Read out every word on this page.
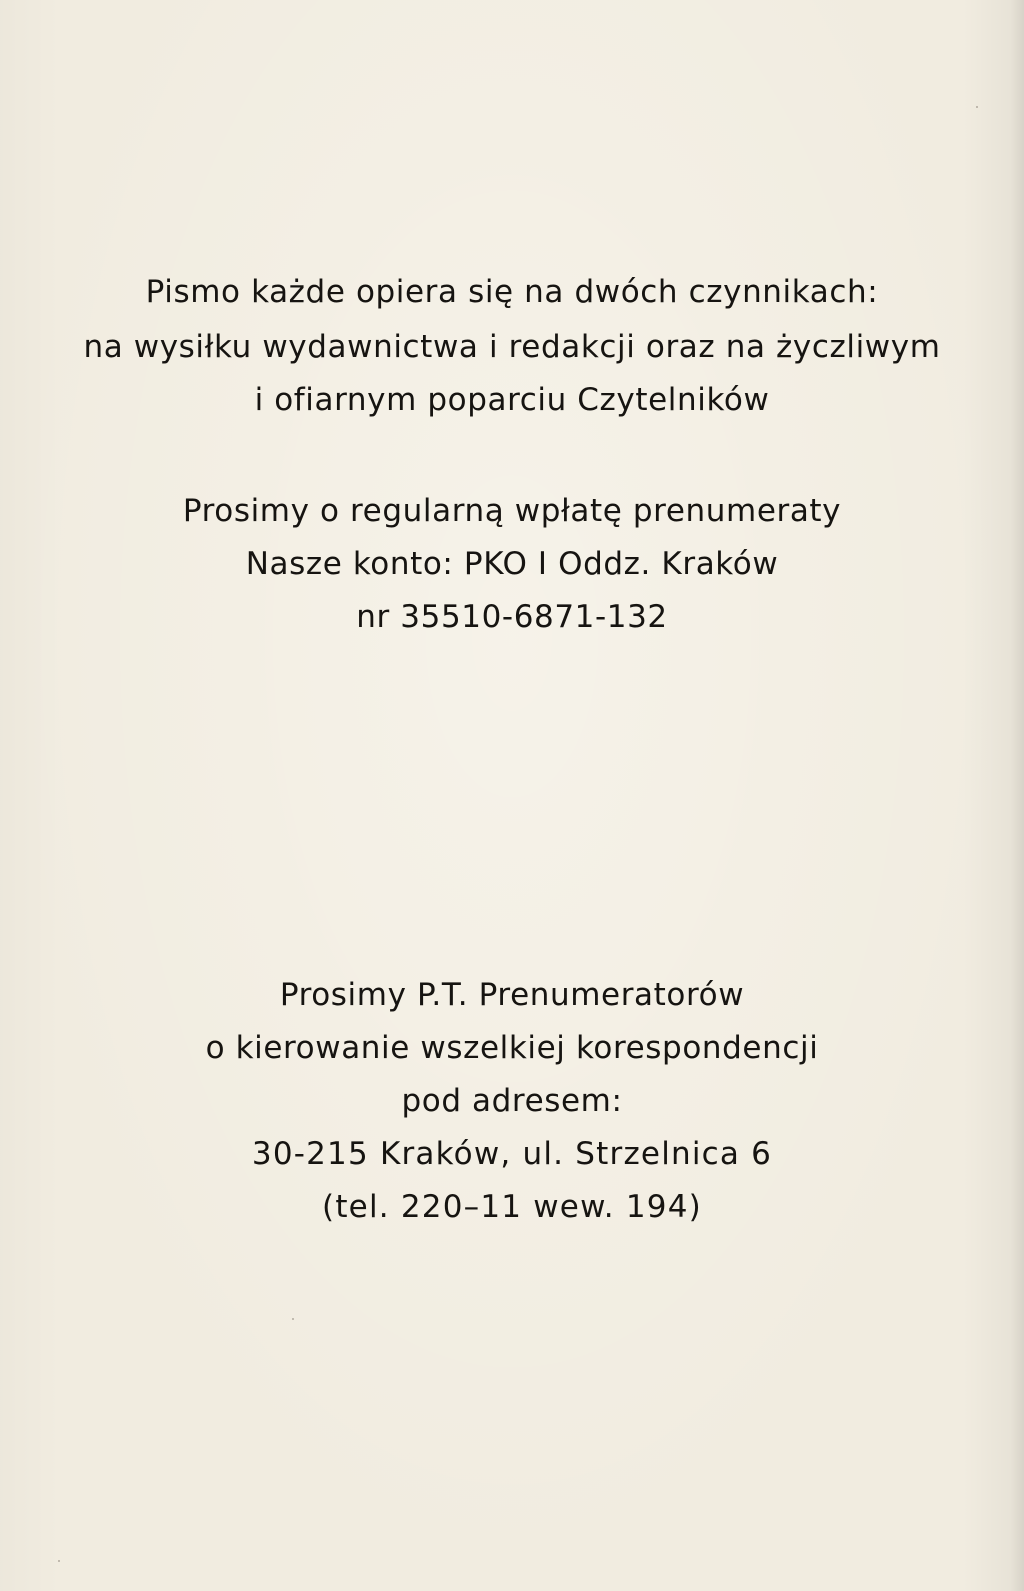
Pismo każde opiera się na dwóch czynnikach:
na wysiłku wydawnictwa i redakcji oraz na życzliwym
i ofiarnym poparciu Czytelników
Prosimy o regularną wpłatę prenumeraty
Nasze konto: PKO I Oddz. Kraków
nr 35510-6871-132
Prosimy P.T. Prenumeratorów
o kierowanie wszelkiej korespondencji
pod adresem:
30-215 Kraków, ul. Strzelnica 6
(tel. 220–11 wew. 194)
